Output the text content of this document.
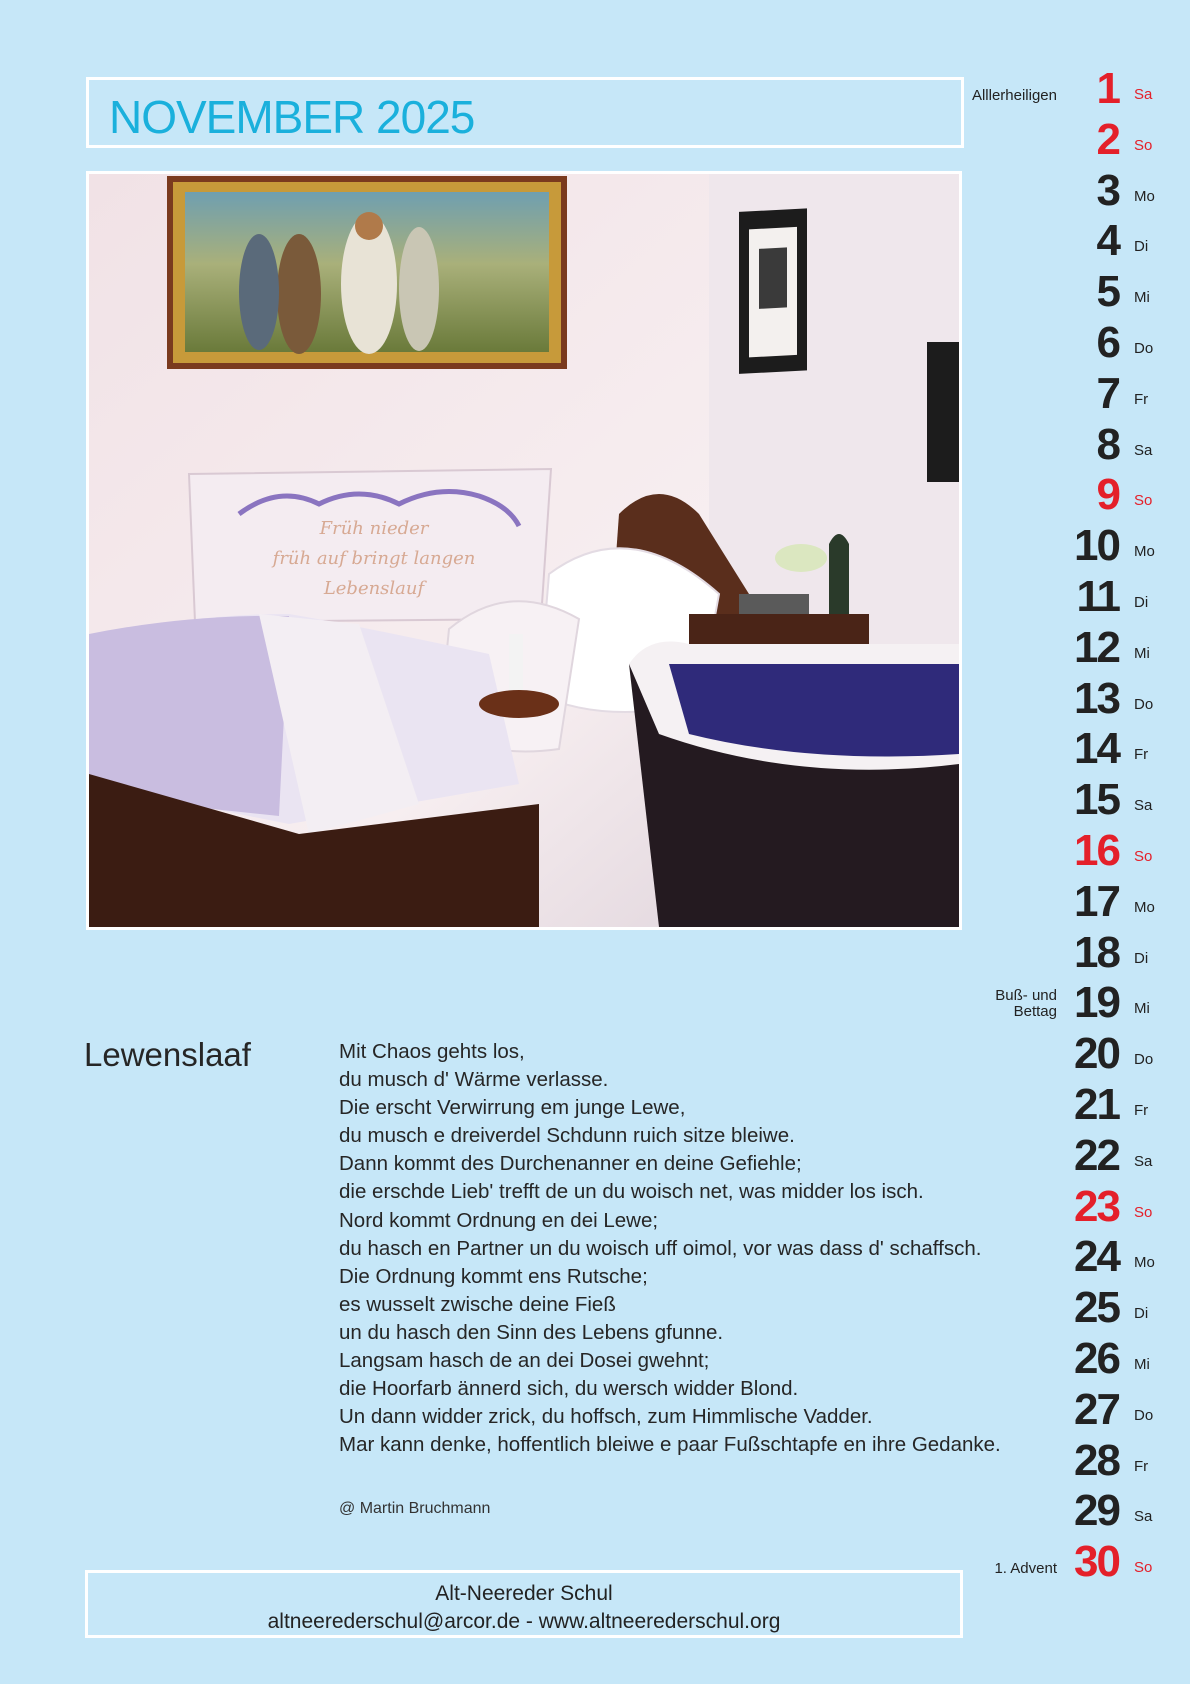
NOVEMBER 2025
Früh nieder
früh auf bringt langen
Lebenslauf
Lewenslaaf	Mit Chaos gehts los,
du musch d' Wärme verlasse.
Die erscht Verwirrung em junge Lewe,
du musch e dreiverdel Schdunn ruich sitze bleiwe.
Dann kommt des Durchenanner en deine Gefiehle;
die erschde Lieb' trefft de un du woisch net, was midder los isch.
Nord kommt Ordnung en dei Lewe;
du hasch en Partner un du woisch uff oimol, vor was dass d' schaffsch.
Die Ordnung kommt ens Rutsche;
es wusselt zwische deine Fieß
un du hasch den Sinn des Lebens gfunne.
Langsam hasch de an dei Dosei gwehnt;
die Hoorfarb ännerd sich, du wersch widder Blond.
Un dann widder zrick, du hoffsch, zum Himmlische Vadder.
Mar kann denke, hoffentlich bleiwe e paar Fußschtapfe en ihre Gedanke.
@ Martin Bruchmann
Alt-Neereder Schul
altneerederschul@arcor.de - www.altneerederschul.org
1 Sa
Alllerheiligen
2 So
3 Mo
4 Di
5 Mi
6 Do
7 Fr
8 Sa
9 So
10 Mo
11 Di
12 Mi
13 Do
14 Fr
15 Sa
16 So
17 Mo
18 Di
19 Mi
Buß- und
Bettag
20 Do
21 Fr
22 Sa
23 So
24 Mo
25 Di
26 Mi
27 Do
28 Fr
29 Sa
30 So
1. Advent
